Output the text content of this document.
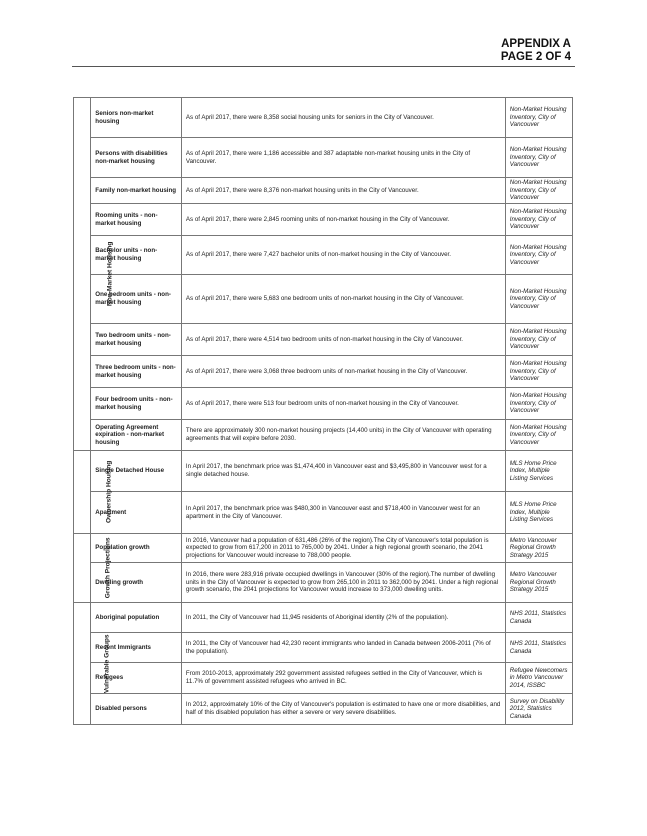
APPENDIX A
PAGE 2 OF 4
Non-Market Housing	Seniors non-market housing	As of April 2017, there were 8,358 social housing units for seniors in the City of Vancouver.	Non-Market Housing Inventory, City of Vancouver
	Persons with disabilities non-market housing	As of April 2017, there were 1,186 accessible and 387 adaptable non-market housing units in the City of Vancouver.	Non-Market Housing Inventory, City of Vancouver
	Family non-market housing	As of April 2017, there were 8,376 non-market housing units in the City of Vancouver.	Non-Market Housing Inventory, City of Vancouver
	Rooming units - non-market housing	As of April 2017, there were 2,845 rooming units of non-market housing in the City of Vancouver.	Non-Market Housing Inventory, City of Vancouver
	Bachelor units - non-market housing	As of April 2017, there were 7,427 bachelor units of non-market housing in the City of Vancouver.	Non-Market Housing Inventory, City of Vancouver
	One bedroom units - non-market housing	As of April 2017, there were 5,683 one bedroom units of non-market housing in the City of Vancouver.	Non-Market Housing Inventory, City of Vancouver
	Two bedroom units - non-market housing	As of April 2017, there were 4,514 two bedroom units of non-market housing in the City of Vancouver.	Non-Market Housing Inventory, City of Vancouver
	Three bedroom units - non-market housing	As of April 2017, there were 3,068 three bedroom units of non-market housing in the City of Vancouver.	Non-Market Housing Inventory, City of Vancouver
	Four bedroom units - non-market housing	As of April 2017, there were 513 four bedroom units of non-market housing in the City of Vancouver.	Non-Market Housing Inventory, City of Vancouver
	Operating Agreement expiration - non-market housing	There are approximately 300 non-market housing projects (14,400 units) in the City of Vancouver with operating agreements that will expire before 2030.	Non-Market Housing Inventory, City of Vancouver
Ownership Housing	Single Detached House	In April 2017, the benchmark price was $1,474,400 in Vancouver east and $3,495,800 in Vancouver west for a single detached house.	MLS Home Price Index, Multiple Listing Services
	Apartment	In April 2017, the benchmark price was $480,300 in Vancouver east and $718,400 in Vancouver west for an apartment in the City of Vancouver.	MLS Home Price Index, Multiple Listing Services
Growth Projections	Population growth	In 2016, Vancouver had a population of 631,486 (26% of the region).The City of Vancouver's total population is expected to grow from 617,200 in 2011 to 765,000 by 2041. Under a high regional growth scenario, the 2041 projections for Vancouver would increase to 788,000 people.	Metro Vancouver Regional Growth Strategy 2015
	Dwelling growth	In 2016, there were 283,916 private occupied dwellings in Vancouver (30% of the region).The number of dwelling units in the City of Vancouver is expected to grow from 265,100 in 2011 to 362,000 by 2041. Under a high regional growth scenario, the 2041 projections for Vancouver would increase to 373,000 dwelling units.	Metro Vancouver Regional Growth Strategy 2015
Vulnerable Groups	Aboriginal population	In 2011, the City of Vancouver had 11,945 residents of Aboriginal identity (2% of the population).	NHS 2011, Statistics Canada
	Recent Immigrants	In 2011, the City of Vancouver had 42,230 recent immigrants who landed in Canada between 2006-2011 (7% of the population).	NHS 2011, Statistics Canada
	Refugees	From 2010-2013, approximately 292 government assisted refugees settled in the City of Vancouver, which is 11.7% of government assisted refugees who arrived in BC.	Refugee Newcomers in Metro Vancouver 2014, ISSBC
	Disabled persons	In 2012, approximately 10% of the City of Vancouver's population is estimated to have one or more disabilities, and half of this disabled population has either a severe or very severe disabilities.	Survey on Disability 2012, Statistics Canada
